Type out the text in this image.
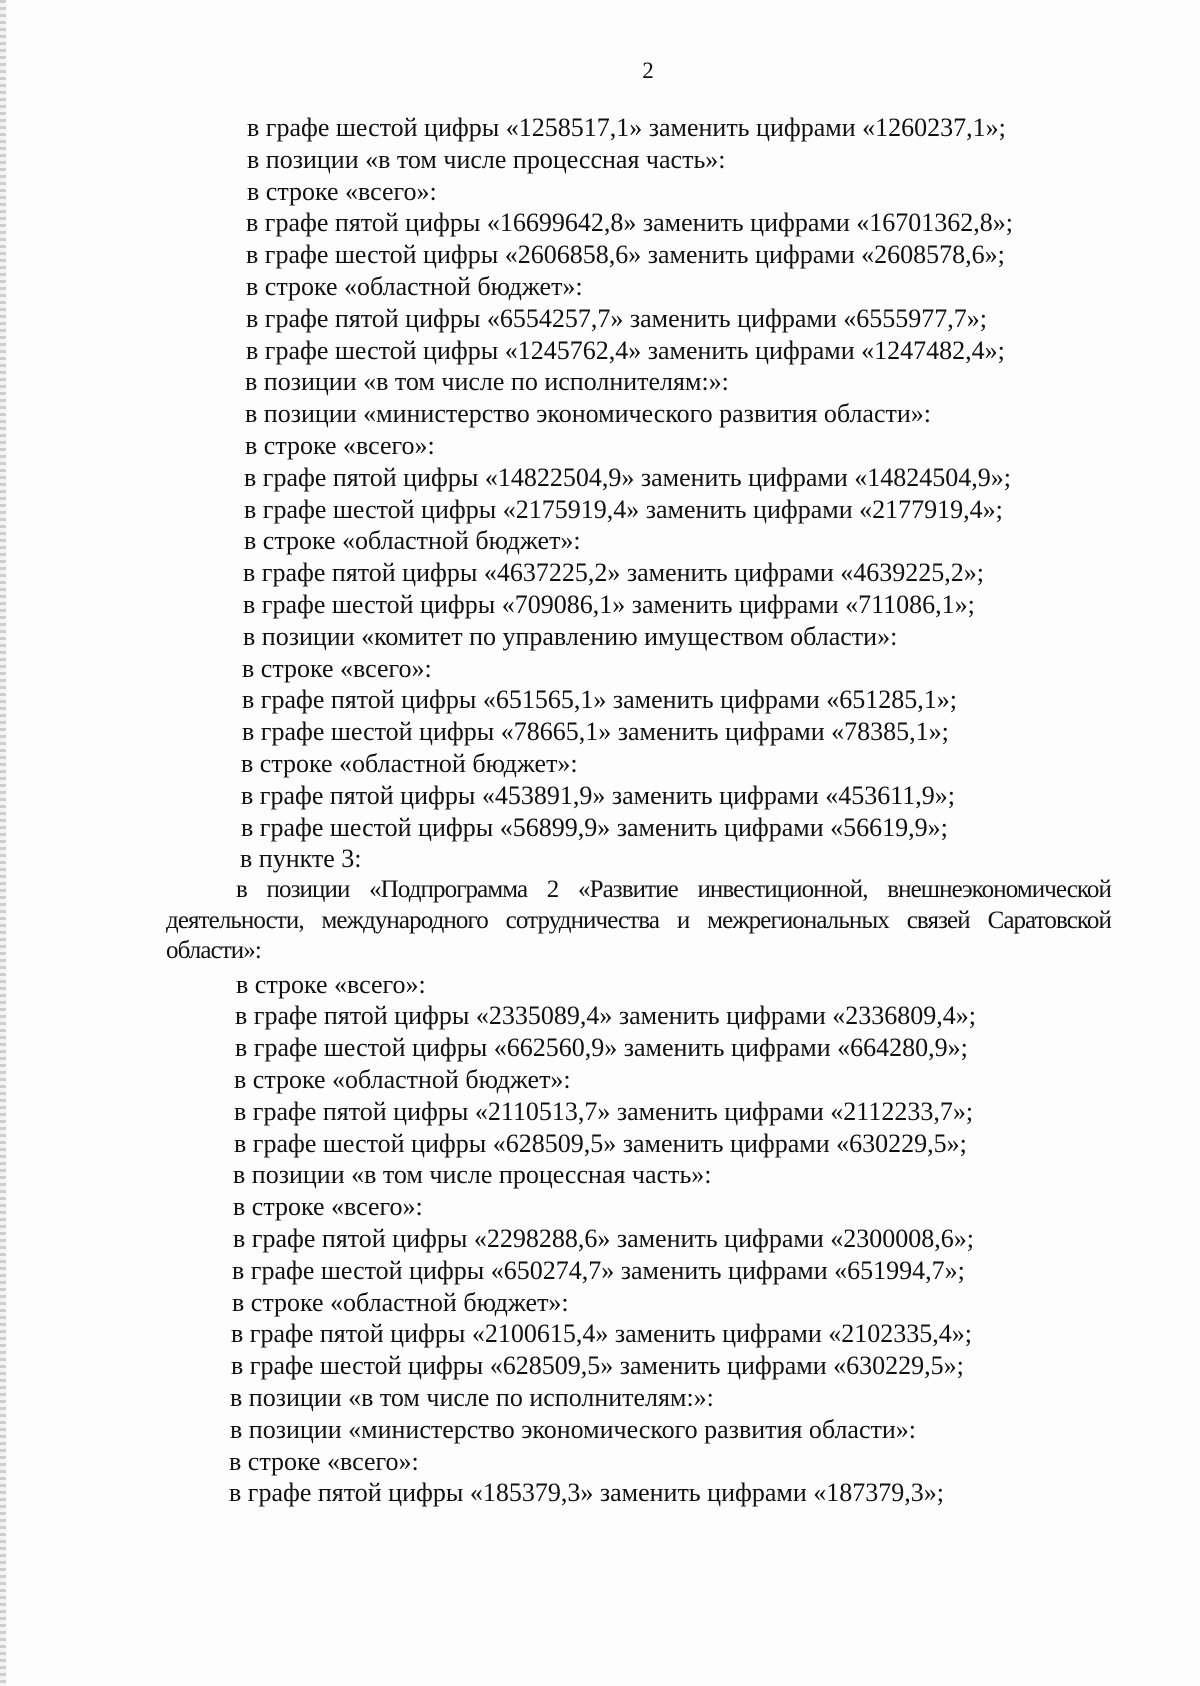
2
в графе шестой цифры «1258517,1» заменить цифрами «1260237,1»;
в позиции «в том числе процессная часть»:
в строке «всего»:
в графе пятой цифры «16699642,8» заменить цифрами «16701362,8»;
в графе шестой цифры «2606858,6» заменить цифрами «2608578,6»;
в строке «областной бюджет»:
в графе пятой цифры «6554257,7» заменить цифрами «6555977,7»;
в графе шестой цифры «1245762,4» заменить цифрами «1247482,4»;
в позиции «в том числе по исполнителям:»:
в позиции «министерство экономического развития области»:
в строке «всего»:
в графе пятой цифры «14822504,9» заменить цифрами «14824504,9»;
в графе шестой цифры «2175919,4» заменить цифрами «2177919,4»;
в строке «областной бюджет»:
в графе пятой цифры «4637225,2» заменить цифрами «4639225,2»;
в графе шестой цифры «709086,1» заменить цифрами «711086,1»;
в позиции «комитет по управлению имуществом области»:
в строке «всего»:
в графе пятой цифры «651565,1» заменить цифрами «651285,1»;
в графе шестой цифры «78665,1» заменить цифрами «78385,1»;
в строке «областной бюджет»:
в графе пятой цифры «453891,9» заменить цифрами «453611,9»;
в графе шестой цифры «56899,9» заменить цифрами «56619,9»;
в пункте 3:
в позиции «Подпрограмма 2 «Развитие инвестиционной, внешнеэкономической деятельности, международного сотрудничества и межрегиональных связей Саратовской области»:
в строке «всего»:
в графе пятой цифры «2335089,4» заменить цифрами «2336809,4»;
в графе шестой цифры «662560,9» заменить цифрами «664280,9»;
в строке «областной бюджет»:
в графе пятой цифры «2110513,7» заменить цифрами «2112233,7»;
в графе шестой цифры «628509,5» заменить цифрами «630229,5»;
в позиции «в том числе процессная часть»:
в строке «всего»:
в графе пятой цифры «2298288,6» заменить цифрами «2300008,6»;
в графе шестой цифры «650274,7» заменить цифрами «651994,7»;
в строке «областной бюджет»:
в графе пятой цифры «2100615,4» заменить цифрами «2102335,4»;
в графе шестой цифры «628509,5» заменить цифрами «630229,5»;
в позиции «в том числе по исполнителям:»:
в позиции «министерство экономического развития области»:
в строке «всего»:
в графе пятой цифры «185379,3» заменить цифрами «187379,3»;
